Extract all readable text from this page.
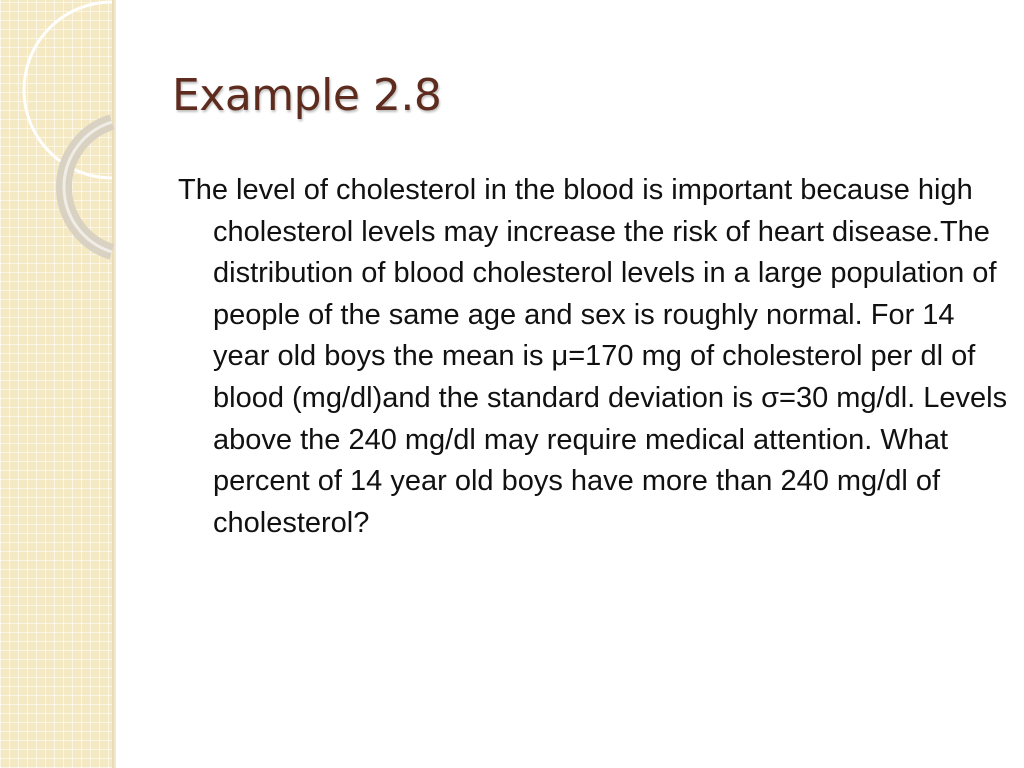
Example 2.8

The level of cholesterol in the blood is important because high cholesterol levels may increase the risk of heart disease.The distribution of blood cholesterol levels in a large population of people of the same age and sex is roughly normal. For 14 year old boys the mean is μ=170 mg of cholesterol per dl of blood (mg/dl)and the standard deviation is σ=30 mg/dl. Levels above the 240 mg/dl may require medical attention. What percent of 14 year old boys have more than 240 mg/dl of cholesterol?
